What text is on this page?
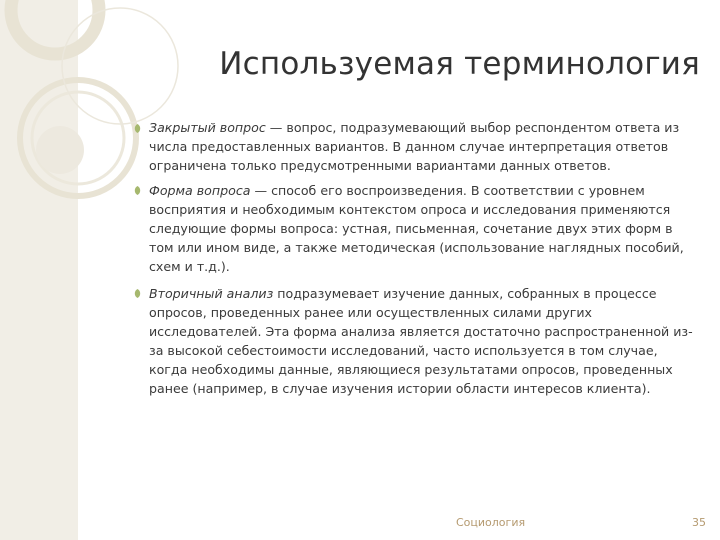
Используемая терминология
Закрытый вопрос — вопрос, подразумевающий выбор респондентом ответа из числа предоставленных вариантов. В данном случае интерпретация ответов ограничена только предусмотренными вариантами данных ответов.
Форма вопроса — способ его воспроизведения. В соответствии с уровнем восприятия и необходимым контекстом опроса и исследования применяются следующие формы вопроса: устная, письменная, сочетание двух этих форм в том или ином виде, а также методическая (использование наглядных пособий, схем и т.д.).
Вторичный анализ подразумевает изучение данных, собранных в процессе опросов, проведенных ранее или осуществленных силами других исследователей. Эта форма анализа является достаточно распространенной из-за высокой себестоимости исследований, часто используется в том случае, когда необходимы данные, являющиеся результатами опросов, проведенных ранее (например, в случае изучения истории области интересов клиента).
Социология	35
